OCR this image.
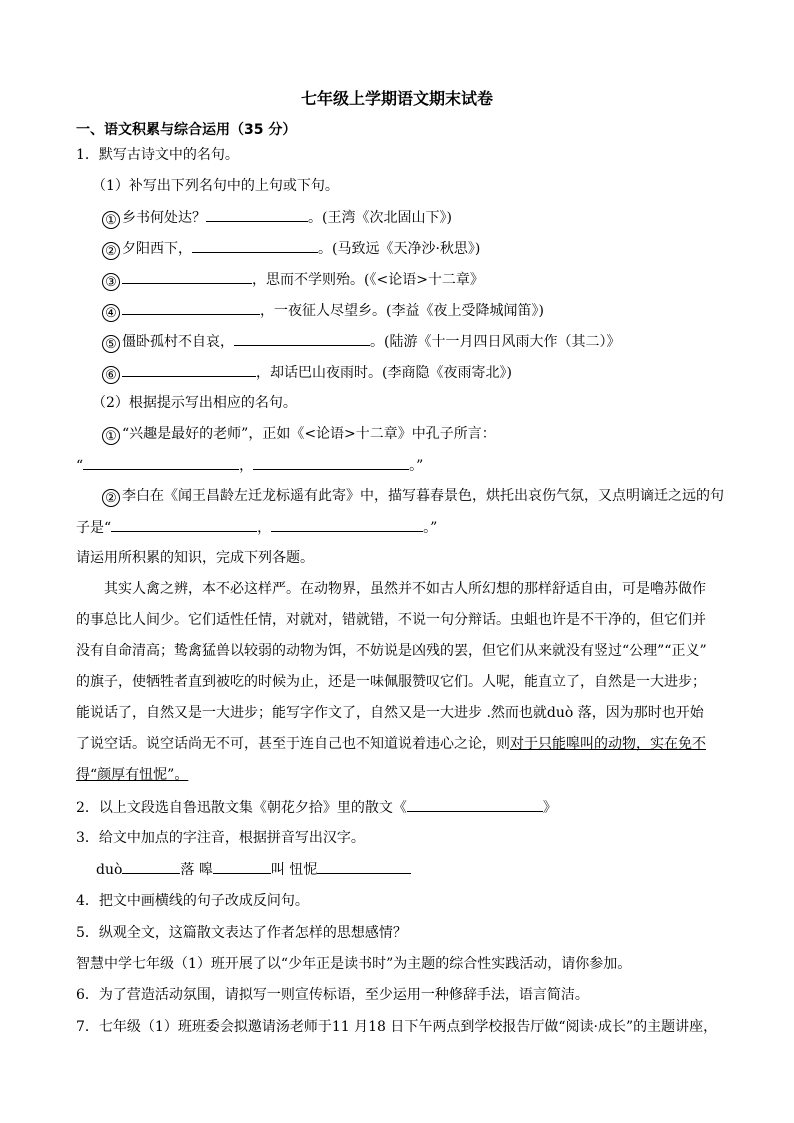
七年级上学期语文期末试卷
一、语文积累与综合运用（35 分）
1．默写古诗文中的名句。
（1）补写出下列名句中的上句或下句。
① 乡书何处达？	。(王湾《次北固山下》)
② 夕阳西下，	。(马致远《天净沙·秋思》)
③	，思而不学则殆。(《<论语>十二章》
④	，一夜征人尽望乡。(李益《夜上受降城闻笛》)
⑤ 僵卧孤村不自哀，	。(陆游《十一月四日风雨大作（其二）》
⑥	，却话巴山夜雨时。(李商隐《夜雨寄北》)
（2）根据提示写出相应的名句。
① “兴趣是最好的老师”，正如《<论语>十二章》中孔子所言：
“	，	。”
② 李白在《闻王昌龄左迁龙标遥有此寄》中，描写暮春景色，烘托出哀伤气氛，又点明谪迁之远的句
子是“	，	。”
请运用所积累的知识，完成下列各题。
其实人禽之辨，本不必这样严。在动物界，虽然并不如古人所幻想的那样舒适自由，可是嚕苏做作
的事总比人间少。它们适性任情，对就对，错就错，不说一句分辩话。虫蛆也许是不干净的，但它们并
没有自命清高；鸷禽猛兽以较弱的动物为饵，不妨说是凶残的罢，但它们从来就没有竖过“公理”“正义”
的旗子，使牺牲者直到被吃的时候为止，还是一味佩服赞叹它们。人呢，能直立了，自然是一大进步；
能说话了，自然又是一大进步；能写字作文了，自然又是一大进步 .然而也就duò 落，因为那时也开始
了说空话。说空话尚无不可，甚至于连自己也不知道说着违心之论，则对于只能嗥叫的动物，实在免不
得“颜厚有忸怩”。
2．以上文段选自鲁迅散文集《朝花夕拾》里的散文《	》
3．给文中加点的字注音，根据拼音写出汉字。
duò	落 嗥	叫 忸怩
4．把文中画横线的句子改成反问句。
5．纵观全文，这篇散文表达了作者怎样的思想感情？
智慧中学七年级（1）班开展了以“少年正是读书时”为主题的综合性实践活动，请你参加。
6．为了营造活动氛围，请拟写一则宣传标语，至少运用一种修辞手法，语言简洁。
7．七年级（1）班班委会拟邀请汤老师于11 月18 日下午两点到学校报告厅做“阅读·成长”的主题讲座，
